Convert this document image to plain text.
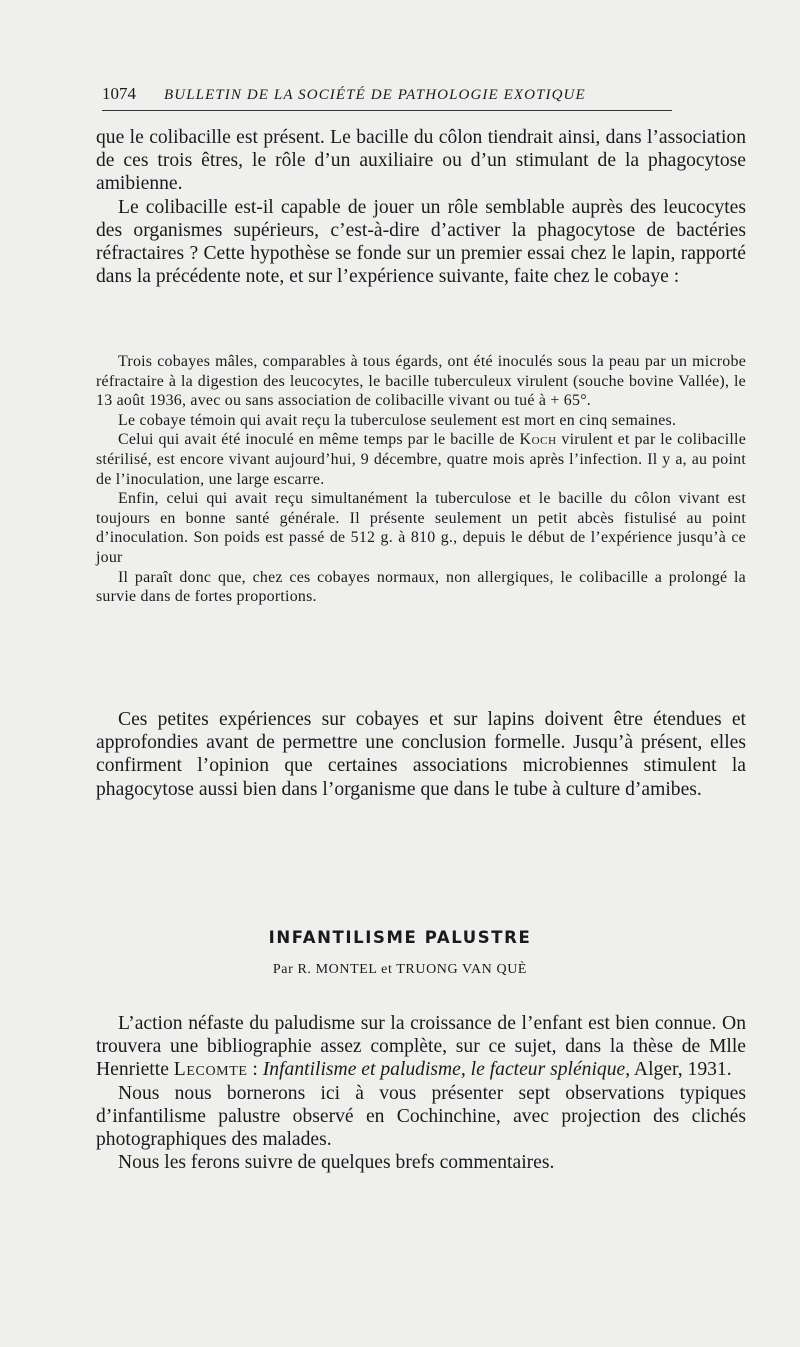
1074 BULLETIN DE LA SOCIÉTÉ DE PATHOLOGIE EXOTIQUE

que le colibacille est présent. Le bacille du côlon tiendrait ainsi, dans l’association de ces trois êtres, le rôle d’un auxiliaire ou d’un stimulant de la phagocytose amibienne.

Le colibacille est-il capable de jouer un rôle semblable auprès des leucocytes des organismes supérieurs, c’est-à-dire d’activer la phagocytose de bactéries réfractaires ? Cette hypothèse se fonde sur un premier essai chez le lapin, rapporté dans la précédente note, et sur l’expérience suivante, faite chez le cobaye :

Trois cobayes mâles, comparables à tous égards, ont été inoculés sous la peau par un microbe réfractaire à la digestion des leucocytes, le bacille tuberculeux virulent (souche bovine Vallée), le 13 août 1936, avec ou sans association de colibacille vivant ou tué à + 65°.

Le cobaye témoin qui avait reçu la tuberculose seulement est mort en cinq semaines.

Celui qui avait été inoculé en même temps par le bacille de Koch virulent et par le colibacille stérilisé, est encore vivant aujourd’hui, 9 décembre, quatre mois après l’infection. Il y a, au point de l’inoculation, une large escarre.

Enfin, celui qui avait reçu simultanément la tuberculose et le bacille du côlon vivant est toujours en bonne santé générale. Il présente seulement un petit abcès fistulisé au point d’inoculation. Son poids est passé de 512 g. à 810 g., depuis le début de l’expérience jusqu’à ce jour

Il paraît donc que, chez ces cobayes normaux, non allergiques, le colibacille a prolongé la survie dans de fortes proportions.

Ces petites expériences sur cobayes et sur lapins doivent être étendues et approfondies avant de permettre une conclusion formelle. Jusqu’à présent, elles confirment l’opinion que certaines associations microbiennes stimulent la phagocytose aussi bien dans l’organisme que dans le tube à culture d’amibes.

INFANTILISME PALUSTRE
Par R. MONTEL et TRUONG VAN QUÈ

L’action néfaste du paludisme sur la croissance de l’enfant est bien connue. On trouvera une bibliographie assez complète, sur ce sujet, dans la thèse de Mlle Henriette Lecomte : Infantilisme et paludisme, le facteur splénique, Alger, 1931.

Nous nous bornerons ici à vous présenter sept observations typiques d’infantilisme palustre observé en Cochinchine, avec projection des clichés photographiques des malades.

Nous les ferons suivre de quelques brefs commentaires.
